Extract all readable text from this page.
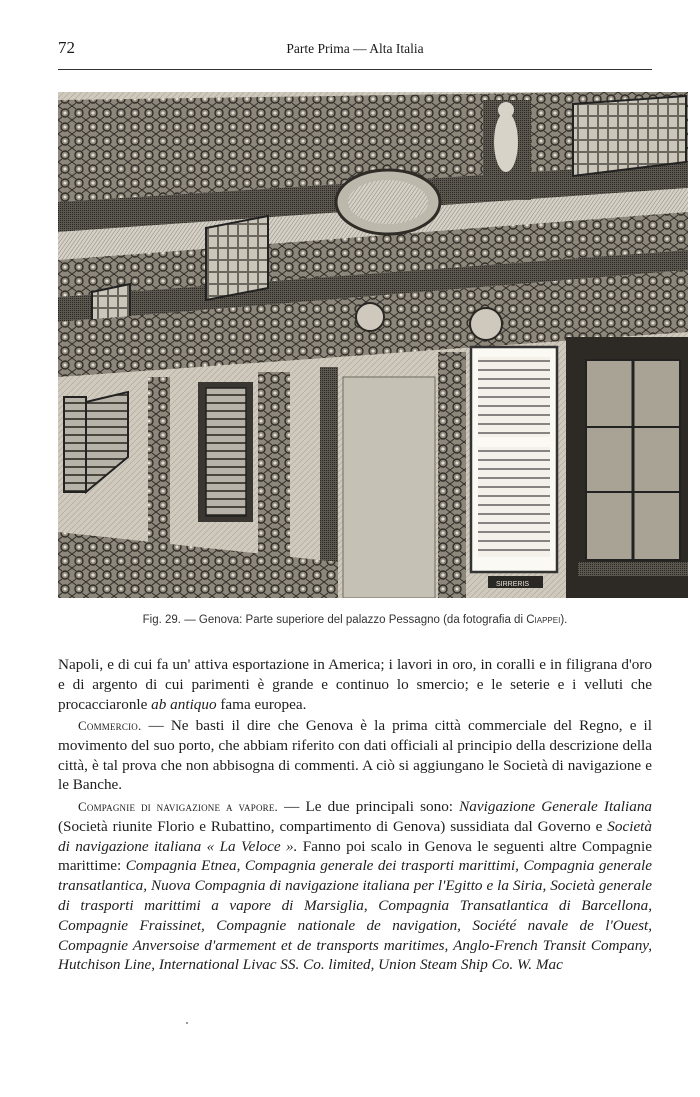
72	Parte Prima — Alta Italia
SIRRERIS
Fig. 29. — Genova: Parte superiore del palazzo Pessagno (da fotografia di Ciappei).
Napoli, e di cui fa un' attiva esportazione in America; i lavori in oro, in coralli e in filigrana d'oro e di argento di cui parimenti è grande e continuo lo smercio; e le seterie e i velluti che procacciaronle ab antiquo fama europea.
Commercio. — Ne basti il dire che Genova è la prima città commerciale del Regno, e il movimento del suo porto, che abbiam riferito con dati officiali al principio della descrizione della città, è tal prova che non abbisogna di commenti. A ciò si aggiungano le Società di navigazione e le Banche.
Compagnie di navigazione a vapore. — Le due principali sono: Navigazione Generale Italiana (Società riunite Florio e Rubattino, compartimento di Genova) sussidiata dal Governo e Società di navigazione italiana « La Veloce ». Fanno poi scalo in Genova le seguenti altre Compagnie marittime: Compagnia Etnea, Compagnia generale dei trasporti marittimi, Compagnia generale transatlantica, Nuova Compagnia di navigazione italiana per l'Egitto e la Siria, Società generale di trasporti marittimi a vapore di Marsiglia, Compagnia Transatlantica di Barcellona, Compagnie Fraissinet, Compagnie nationale de navigation, Société navale de l'Ouest, Compagnie Anversoise d'armement et de transports maritimes, Anglo-French Transit Company, Hutchison Line, International Livac SS. Co. limited, Union Steam Ship Co. W. Mac
